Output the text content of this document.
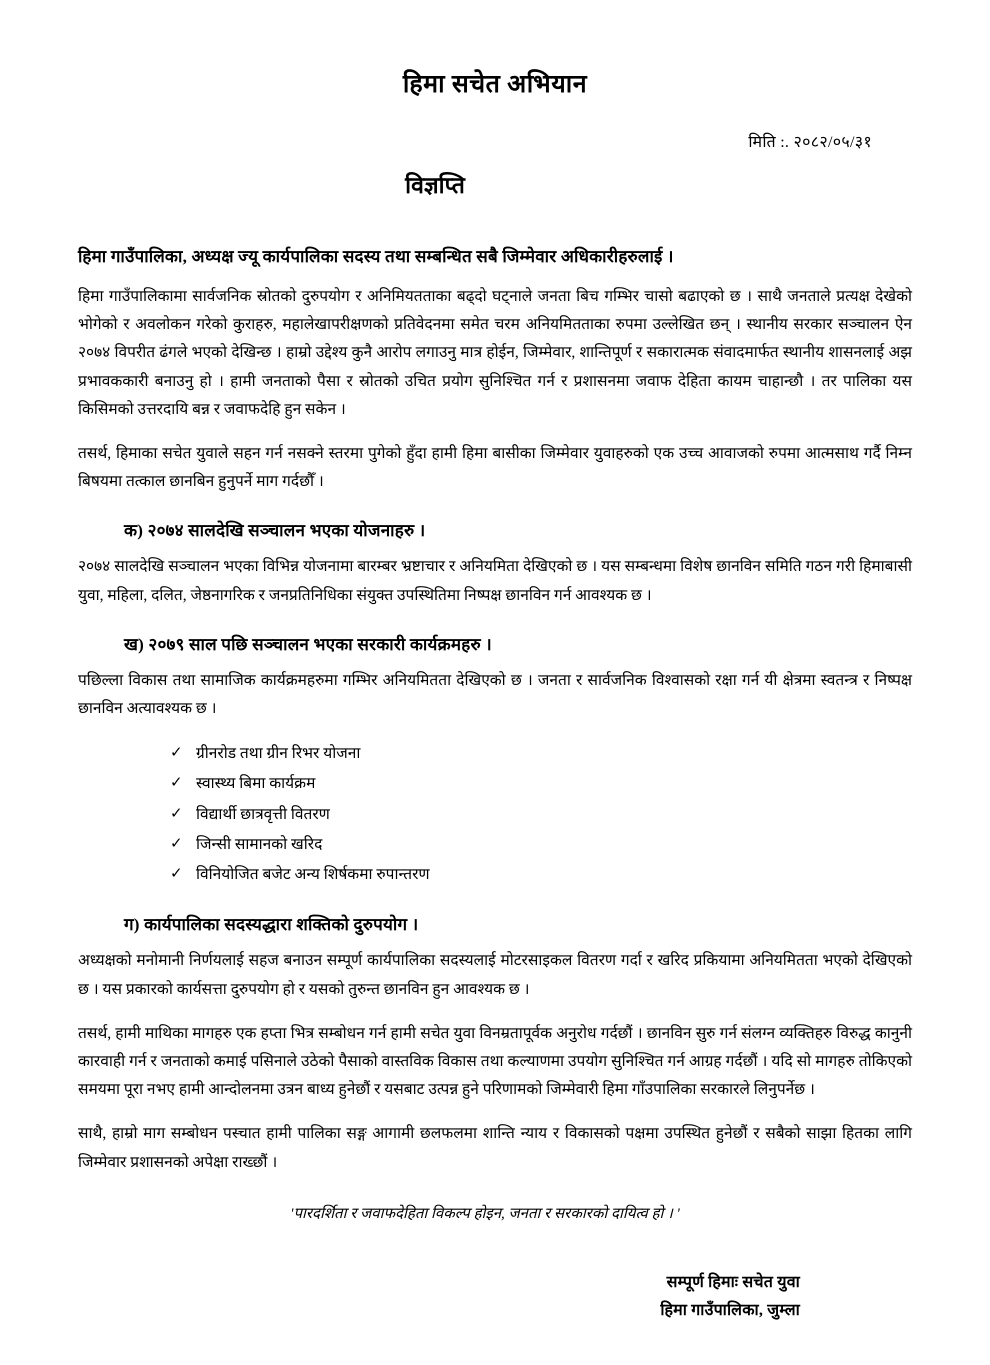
हिमा सचेत अभियान
मिति :. २०८२/०५/३१
विज्ञप्ति
हिमा गाउँपालिका, अध्यक्ष ज्यू कार्यपालिका सदस्य तथा सम्बन्धित सबै जिम्मेवार अधिकारीहरुलाई ।

हिमा गाउँपालिकामा सार्वजनिक स्रोतको दुरुपयोग र अनिमियतताका बढ्दो घट्नाले जनता बिच गम्भिर चासो बढाएको छ । साथै जनताले प्रत्यक्ष देखेको भोगेको र अवलोकन गरेको कुराहरु, महालेखापरीक्षणको प्रतिवेदनमा समेत चरम अनियमितताका रुपमा उल्लेखित छन् । स्थानीय सरकार सञ्चालन ऐन २०७४ विपरीत ढंगले भएको देखिन्छ । हाम्रो उद्देश्य कुनै आरोप लगाउनु मात्र होईन, जिम्मेवार, शान्तिपूर्ण र सकारात्मक संवादमार्फत स्थानीय शासनलाई अझ प्रभावककारी बनाउनु हो । हामी जनताको पैसा र स्रोतको उचित प्रयोग सुनिश्चित गर्न र प्रशासनमा जवाफ देहिता कायम चाहान्छौ । तर पालिका यस किसिमको उत्तरदायि बन्न र जवाफदेहि हुन सकेन ।

तसर्थ, हिमाका सचेत युवाले सहन गर्न नसक्ने स्तरमा पुगेको हुँदा हामी हिमा बासीका जिम्मेवार युवाहरुको एक उच्च आवाजको रुपमा आत्मसाथ गर्दै निम्न बिषयमा तत्काल छानबिन हुनुपर्ने माग गर्दछौँ ।

क) २०७४ सालदेखि सञ्चालन भएका योजनाहरु ।

२०७४ सालदेखि सञ्चालन भएका विभिन्न योजनामा बारम्बर भ्रष्टाचार र अनियमिता देखिएको छ । यस सम्बन्धमा विशेष छानविन समिति गठन गरी हिमाबासी युवा, महिला, दलित, जेष्ठनागरिक र जनप्रतिनिधिका संयुक्त उपस्थितिमा निष्पक्ष छानविन गर्न आवश्यक छ ।

ख) २०७९ साल पछि सञ्चालन भएका सरकारी कार्यक्रमहरु ।

पछिल्ला विकास तथा सामाजिक कार्यक्रमहरुमा गम्भिर अनियमितता देखिएको छ । जनता र सार्वजनिक विश्वासको रक्षा गर्न यी क्षेत्रमा स्वतन्त्र र निष्पक्ष छानविन अत्यावश्यक छ ।

✓ ग्रीनरोड तथा ग्रीन रिभर योजना
✓ स्वास्थ्य बिमा कार्यक्रम
✓ विद्यार्थी छात्रवृत्ती वितरण
✓ जिन्सी सामानको खरिद
✓ विनियोजित बजेट अन्य शिर्षकमा रुपान्तरण
ग) कार्यपालिका सदस्यद्धारा शक्तिको दुरुपयोग ।

अध्यक्षको मनोमानी निर्णयलाई सहज बनाउन सम्पूर्ण कार्यपालिका सदस्यलाई मोटरसाइकल वितरण गर्दा र खरिद प्रकियामा अनियमितता भएको देखिएको छ । यस प्रकारको कार्यसत्ता दुरुपयोग हो र यसको तुरुन्त छानविन हुन आवश्यक छ ।

तसर्थ, हामी माथिका मागहरु एक हप्ता भित्र सम्बोधन गर्न हामी सचेत युवा विनम्रतापूर्वक अनुरोध गर्दछौं । छानविन सुरु गर्न संलग्न व्यक्तिहरु विरुद्ध कानुनी कारवाही गर्न र जनताको कमाई पसिनाले उठेको पैसाको वास्तविक विकास तथा कल्याणमा उपयोग सुनिश्चित गर्न आग्रह गर्दछौं । यदि सो मागहरु तोकिएको समयमा पूरा नभए हामी आन्दोलनमा उत्रन बाध्य हुनेछौं र यसबाट उत्पन्न हुने परिणामको जिम्मेवारी हिमा गाँउपालिका सरकारले लिनुपर्नेछ ।

साथै, हाम्रो माग सम्बोधन पस्चात हामी पालिका सङ्ग आगामी छलफलमा शान्ति न्याय र विकासको पक्षमा उपस्थित हुनेछौं र सबैको साझा हितका लागि जिम्मेवार प्रशासनको अपेक्षा राख्छौं ।

'पारदर्शिता र जवाफदेहिता विकल्प होइन, जनता र सरकारको दायित्व हो । '
सम्पूर्ण हिमाः सचेत युवा
हिमा गाउँपालिका, जुम्ला
